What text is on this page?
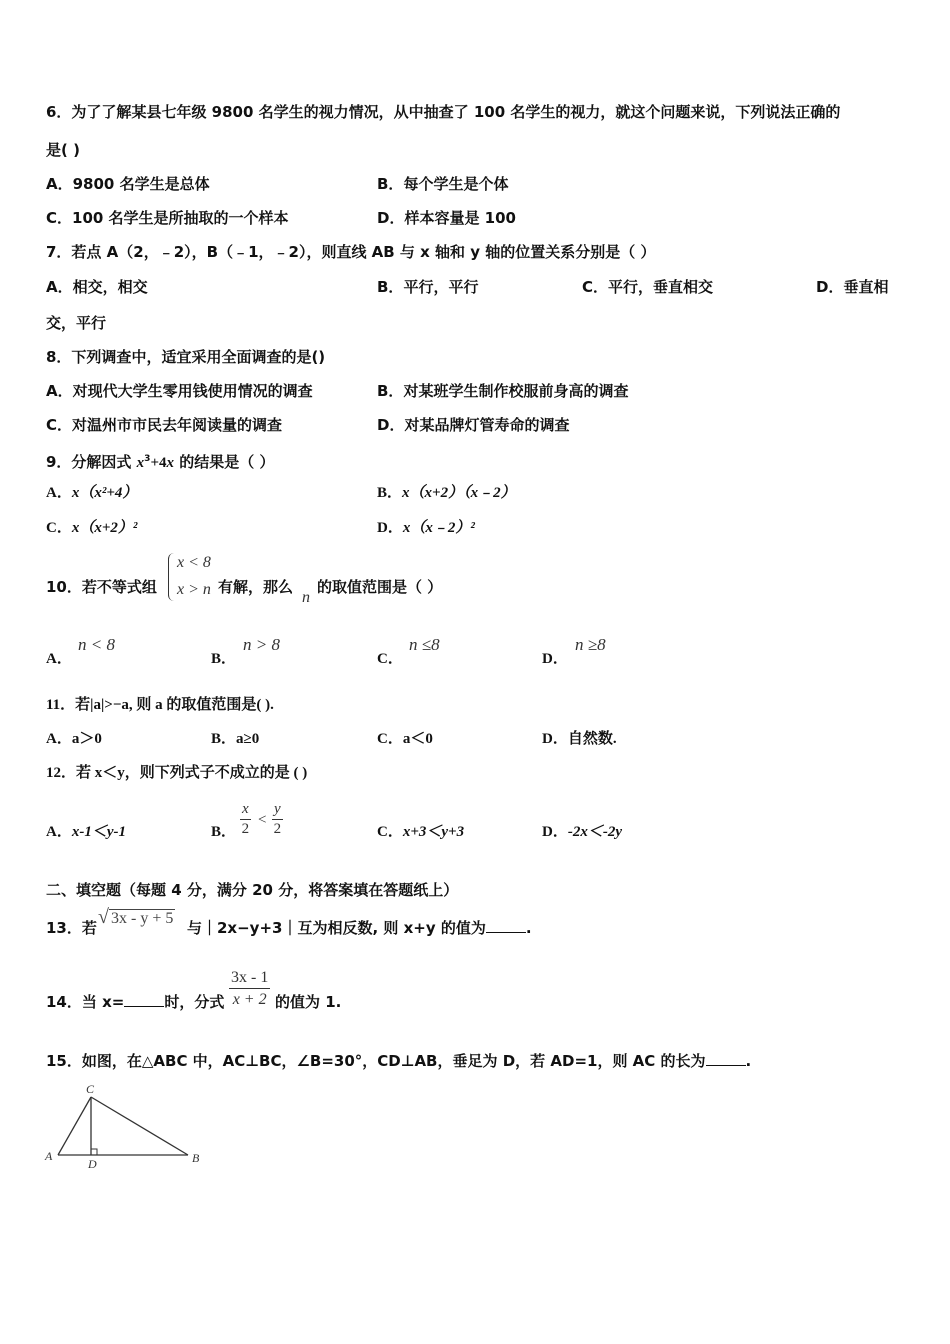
6．为了了解某县七年级 9800 名学生的视力情况，从中抽查了 100 名学生的视力，就这个问题来说，下列说法正确的
是( )
A．9800 名学生是总体	B．每个学生是个体
C．100 名学生是所抽取的一个样本	D．样本容量是 100
7．若点 A（2，﹣2），B（﹣1，﹣2），则直线 AB 与 x 轴和 y 轴的位置关系分别是（ ）
A．相交，相交	B．平行，平行	C．平行，垂直相交	D．垂直相
交，平行
8．下列调查中，适宜采用全面调查的是()
A．对现代大学生零用钱使用情况的调查	B．对某班学生制作校服前身高的调查
C．对温州市市民去年阅读量的调查	D．对某品牌灯管寿命的调查
9．分解因式 $x^3+4x$ 的结果是（ ）
A．x（x²+4）	B．x（x+2）（x﹣2）
C．x（x+2）²	D．x（x﹣2）²
10．若不等式组
x < 8
x > n 有解，那么
n
的取值范围是（ ）
A．
n < 8
B．
n > 8
C．
n ≤8
D．
n ≥8
11．若|a|>−a, 则 a 的取值范围是( ).
A．a＞0	B．a≥0	C．a＜0	D．自然数.
12．若 x＜y，则下列式子不成立的是 ( )
A．x-1＜y-1	B． $\frac{x}{2} < \frac{y}{2}$	C．x+3＜y+3	D．-2x＜-2y
二、填空题（每题 4 分，满分 20 分，将答案填在答题纸上）
13．若 √ 3x - y + 5
与｜2x−y+3｜互为相反数, 则 x+y 的值为	.
14．当 x=	时，分式 $\frac{3x - 1}{x + 2}$ 的值为 1.
15．如图，在△ABC 中，AC⊥BC，∠B=30°，CD⊥AB，垂足为 D，若 AD=1，则 AC 的长为	.
C
A
D	B
